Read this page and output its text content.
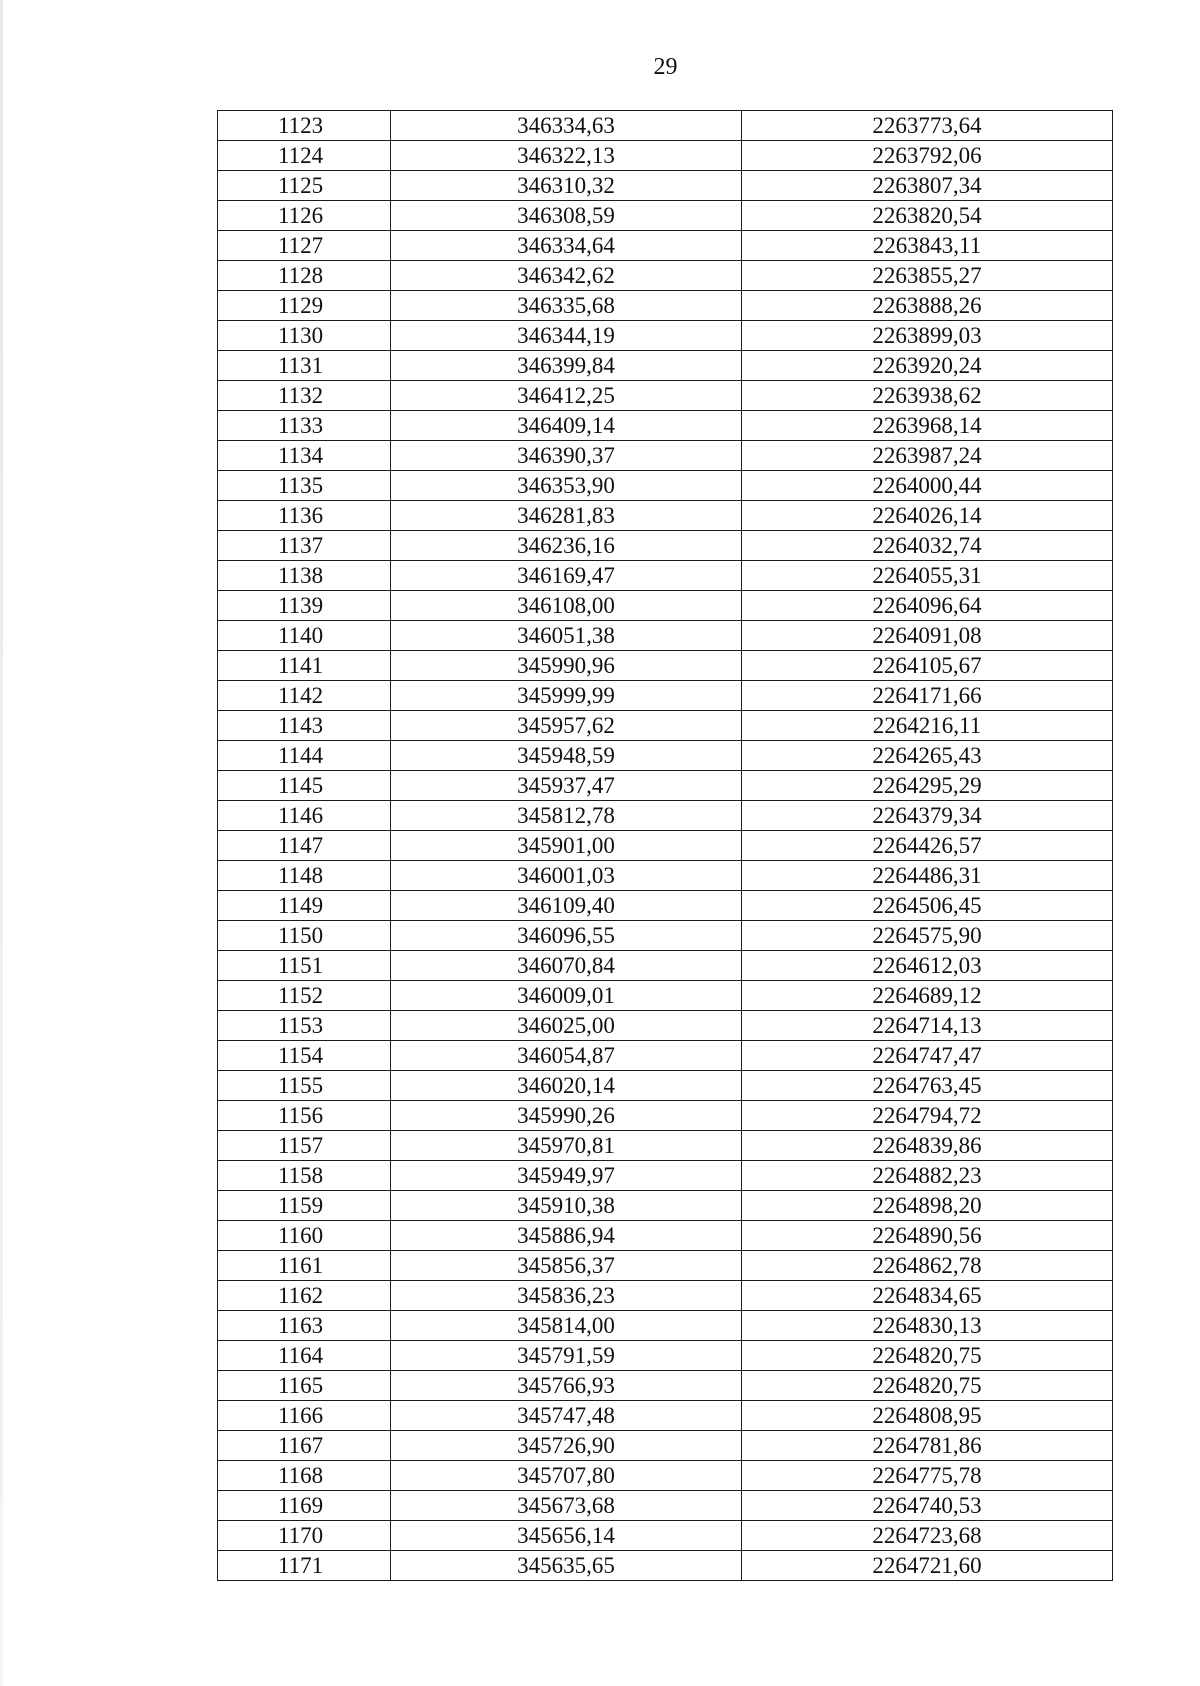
29
1123	346334,63	2263773,64
1124	346322,13	2263792,06
1125	346310,32	2263807,34
1126	346308,59	2263820,54
1127	346334,64	2263843,11
1128	346342,62	2263855,27
1129	346335,68	2263888,26
1130	346344,19	2263899,03
1131	346399,84	2263920,24
1132	346412,25	2263938,62
1133	346409,14	2263968,14
1134	346390,37	2263987,24
1135	346353,90	2264000,44
1136	346281,83	2264026,14
1137	346236,16	2264032,74
1138	346169,47	2264055,31
1139	346108,00	2264096,64
1140	346051,38	2264091,08
1141	345990,96	2264105,67
1142	345999,99	2264171,66
1143	345957,62	2264216,11
1144	345948,59	2264265,43
1145	345937,47	2264295,29
1146	345812,78	2264379,34
1147	345901,00	2264426,57
1148	346001,03	2264486,31
1149	346109,40	2264506,45
1150	346096,55	2264575,90
1151	346070,84	2264612,03
1152	346009,01	2264689,12
1153	346025,00	2264714,13
1154	346054,87	2264747,47
1155	346020,14	2264763,45
1156	345990,26	2264794,72
1157	345970,81	2264839,86
1158	345949,97	2264882,23
1159	345910,38	2264898,20
1160	345886,94	2264890,56
1161	345856,37	2264862,78
1162	345836,23	2264834,65
1163	345814,00	2264830,13
1164	345791,59	2264820,75
1165	345766,93	2264820,75
1166	345747,48	2264808,95
1167	345726,90	2264781,86
1168	345707,80	2264775,78
1169	345673,68	2264740,53
1170	345656,14	2264723,68
1171	345635,65	2264721,60
